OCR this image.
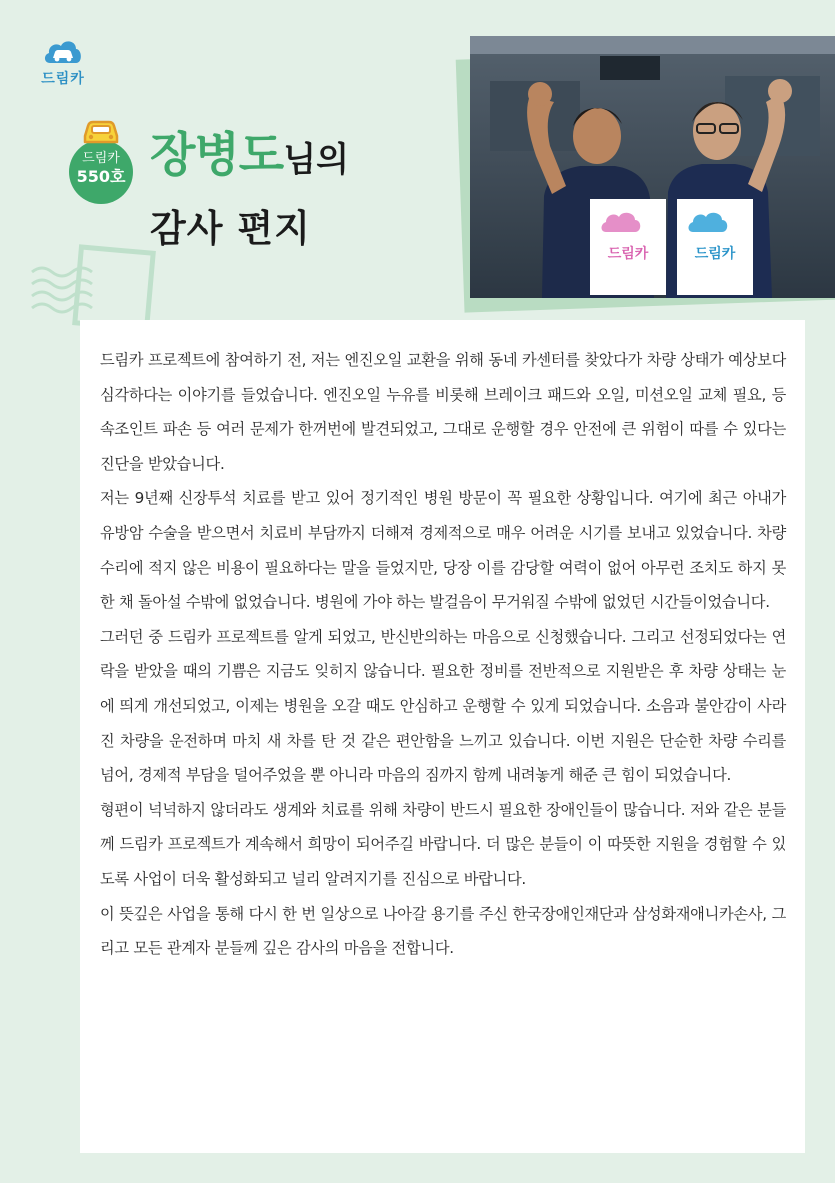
드림카
드림카
550호 장병도님의
감사 편지
드림카	드림카

드림카 프로젝트에 참여하기 전, 저는 엔진오일 교환을 위해 동네 카센터를 찾았다가 차량 상태가 예상보다 심각하다는 이야기를 들었습니다. 엔진오일 누유를 비롯해 브레이크 패드와 오일, 미션오일 교체 필요, 등속조인트 파손 등 여러 문제가 한꺼번에 발견되었고, 그대로 운행할 경우 안전에 큰 위험이 따를 수 있다는 진단을 받았습니다.

저는 9년째 신장투석 치료를 받고 있어 정기적인 병원 방문이 꼭 필요한 상황입니다. 여기에 최근 아내가 유방암 수술을 받으면서 치료비 부담까지 더해져 경제적으로 매우 어려운 시기를 보내고 있었습니다. 차량 수리에 적지 않은 비용이 필요하다는 말을 들었지만, 당장 이를 감당할 여력이 없어 아무런 조치도 하지 못한 채 돌아설 수밖에 없었습니다. 병원에 가야 하는 발걸음이 무거워질 수밖에 없었던 시간들이었습니다.

그러던 중 드림카 프로젝트를 알게 되었고, 반신반의하는 마음으로 신청했습니다. 그리고 선정되었다는 연락을 받았을 때의 기쁨은 지금도 잊히지 않습니다. 필요한 정비를 전반적으로 지원받은 후 차량 상태는 눈에 띄게 개선되었고, 이제는 병원을 오갈 때도 안심하고 운행할 수 있게 되었습니다. 소음과 불안감이 사라진 차량을 운전하며 마치 새 차를 탄 것 같은 편안함을 느끼고 있습니다. 이번 지원은 단순한 차량 수리를 넘어, 경제적 부담을 덜어주었을 뿐 아니라 마음의 짐까지 함께 내려놓게 해준 큰 힘이 되었습니다.

형편이 넉넉하지 않더라도 생계와 치료를 위해 차량이 반드시 필요한 장애인들이 많습니다. 저와 같은 분들께 드림카 프로젝트가 계속해서 희망이 되어주길 바랍니다. 더 많은 분들이 이 따뜻한 지원을 경험할 수 있도록 사업이 더욱 활성화되고 널리 알려지기를 진심으로 바랍니다.

이 뜻깊은 사업을 통해 다시 한 번 일상으로 나아갈 용기를 주신 한국장애인재단과 삼성화재애니카손사, 그리고 모든 관계자 분들께 깊은 감사의 마음을 전합니다.
